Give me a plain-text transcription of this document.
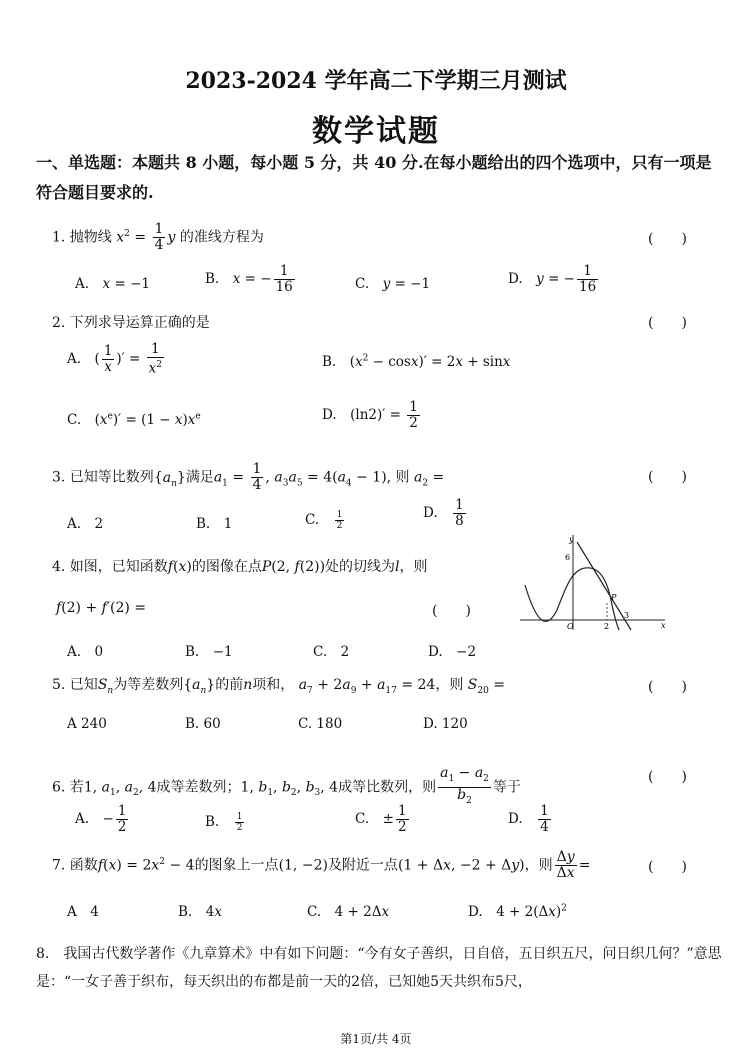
2023-2024 学年高二下学期三月测试
数学试题
一、单选题：本题共 8 小题，每小题 5 分，共 40 分.在每小题给出的四个选项中，只有一项是符合题目要求的.
1. 抛物线 $x^2 = \frac{1}{4}$ y 的准线方程为	(　　)
A.　x = −1	B.　x = − $\frac{1}{16}$	C.　y = −1	D.　y = − $\frac{1}{16}$
2. 下列求导运算正确的是	(　　)
A.　( $\frac{1}{x}$ )′ = $\frac{1}{x^2}$	B.　$(x^2 - \cos x)' = 2x + \sin x$
C.　$(x^e)' = (1 - x)x^e$	D.　$(\ln 2)' = \frac{1}{2}$
3. 已知等比数列$\{a_n\}$满足$a_1 = \frac{1}{4}$ , $a_3a_5 = 4(a_4 - 1)$, 则 $a_2$ =	(　　)
A.　2	B.　1	C.　 $\frac{1}{2}$	D.　 $\frac{1}{8}$
4. 如图，已知函数f(x)的图像在点P(2, f(2))处的切线为l，则
f(2) + f′(2) =	(　　)
A.　0	B.　−1	C.　2	D.　−2
y
6
P
O	2
3
x
5. 已知$S_n$为等差数列$\{a_n\}$的前n项和， $a_7 + 2a_9 + a_{17} = 24$，则 $S_{20}$ =	(　　)
A 240	B. 60	C. 180	D. 120
6. 若1, $a_1$, $a_2$, 4成等差数列；1, $b_1$, $b_2$, $b_3$, 4成等比数列，则 $\frac{a_1 - a_2}{b_2}$ 等于
(　　)
A.　− $\frac{1}{2}$	B.　 $\frac{1}{2}$	C.　± $\frac{1}{2}$	D.　 $\frac{1}{4}$
7. 函数$f(x) = 2x^2 - 4$的图象上一点(1, −2)及附近一点(1 + Δx, −2 + Δy)，则 $\frac{\Delta y}{\Delta x}$ =	(　　)
A　4	B.　4x	C.　4 + 2Δx	D.　$4 + 2(\Delta x)^2$
8.　我国古代数学著作《九章算术》中有如下问题：“今有女子善织，日自倍，五日织五尺，问日织几何？”意思是：“一女子善于织布，每天织出的布都是前一天的2倍，已知她5天共织布5尺，
第1页/共 4页
